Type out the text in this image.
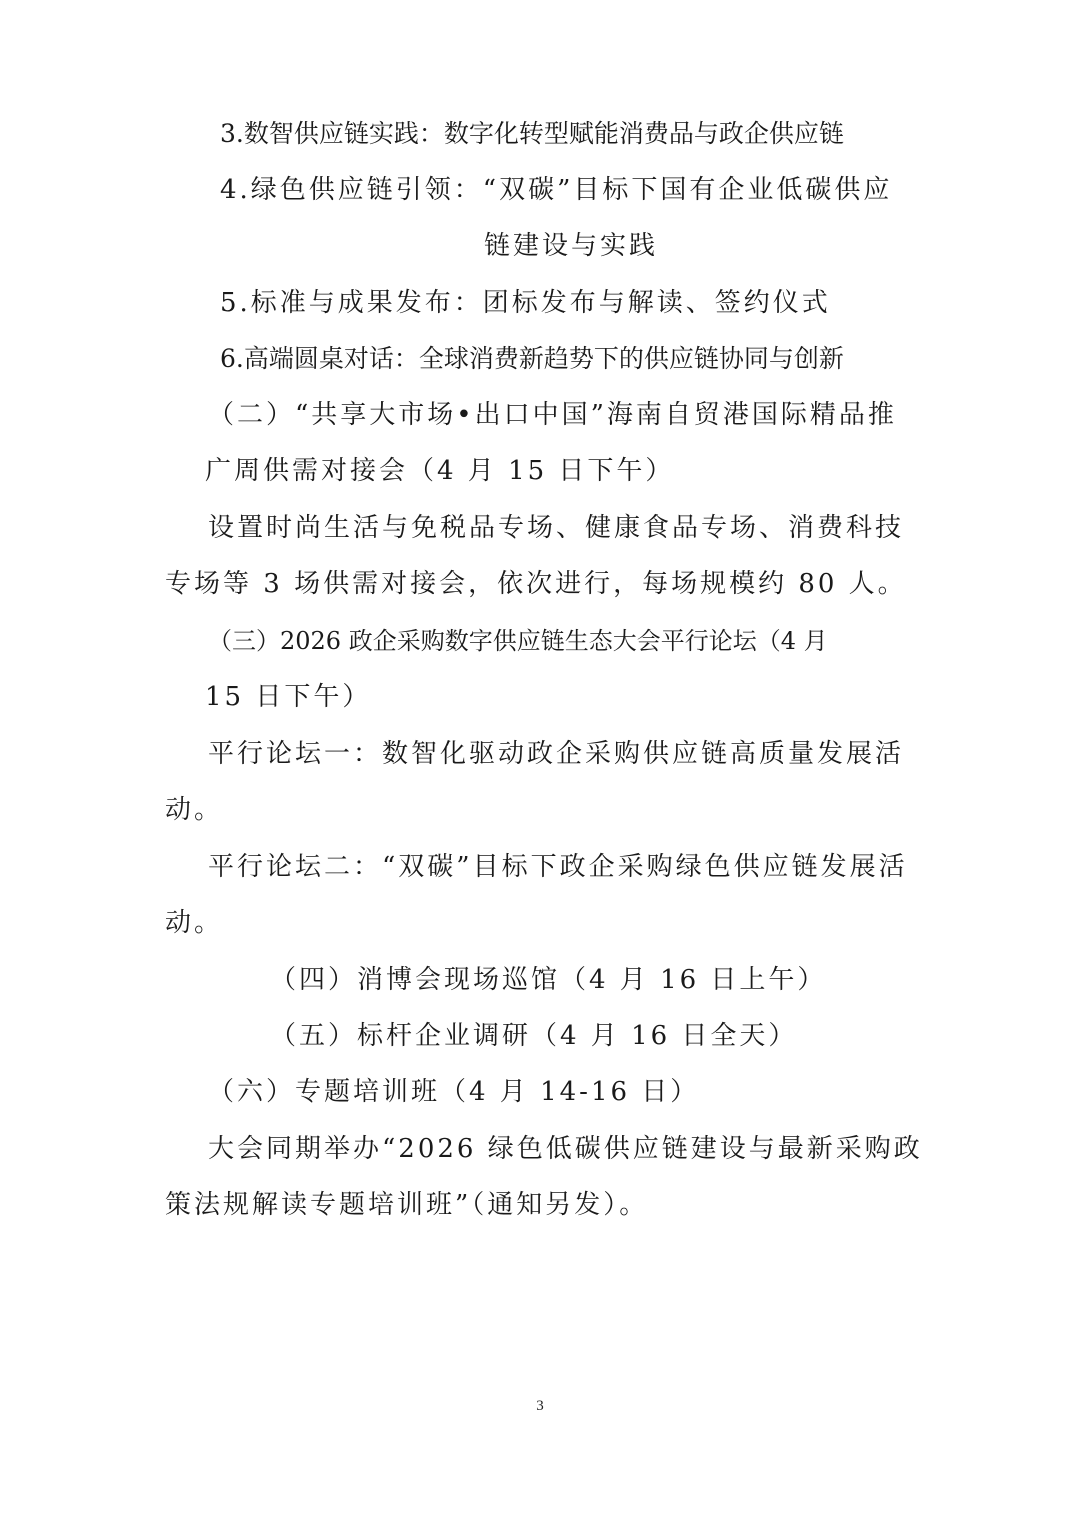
3.数智供应链实践：数字化转型赋能消费品与政企供应链
4.绿色供应链引领：“双碳”目标下国有企业低碳供应
链建设与实践
5.标准与成果发布：团标发布与解读、签约仪式
6.高端圆桌对话：全球消费新趋势下的供应链协同与创新
（二）“共享大市场•出口中国”海南自贸港国际精品推
广周供需对接会（4 月 15 日下午）
设置时尚生活与免税品专场、健康食品专场、消费科技
专场等 3 场供需对接会，依次进行，每场规模约 80 人。
（三）2026 政企采购数字供应链生态大会平行论坛（4 月
15 日下午）
平行论坛一：数智化驱动政企采购供应链高质量发展活
动。
平行论坛二：“双碳”目标下政企采购绿色供应链发展活
动。
（四）消博会现场巡馆（4 月 16 日上午）
（五）标杆企业调研（4 月 16 日全天）
（六）专题培训班（4 月 14-16 日）
大会同期举办“2026 绿色低碳供应链建设与最新采购政
策法规解读专题培训班”（通知另发）。
3
